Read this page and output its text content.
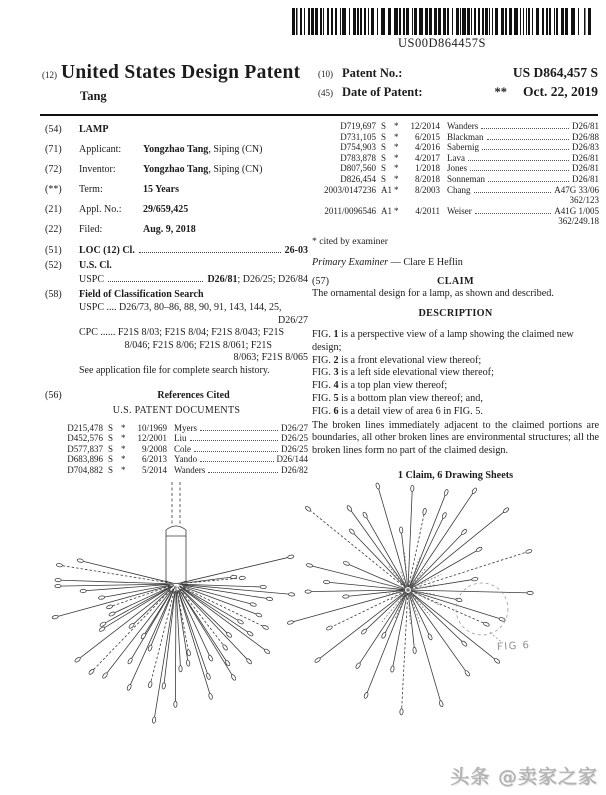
US00D864457S
(12) United States Design Patent
Tang
(10) Patent No.:	US D864,457 S
(45) Date of Patent:	**	Oct. 22, 2019
(54)	LAMP
(71)	Applicant:	Yongzhao Tang, Siping (CN)
(72)	Inventor:	Yongzhao Tang, Siping (CN)
(**)	Term:	15 Years
(21)	Appl. No.:	29/659,425
(22)	Filed:	Aug. 9, 2018
(51)	LOC (12) Cl.	26-03
(52)	U.S. Cl.
USPC	D26/81; D26/25; D26/84
(58)	Field of Classification Search
USPC .... D26/73, 80–86, 88, 90, 91, 143, 144, 25,
D26/27
CPC ...... F21S 8/03; F21S 8/04; F21S 8/043; F21S
8/046; F21S 8/06; F21S 8/061; F21S
8/063; F21S 8/065
See application file for complete search history.
(56)	References Cited
U.S. PATENT DOCUMENTS
D215,478 S *	10/1969 Myers	D26/27
D452,576 S *	12/2001 Liu	D26/25
D577,837 S *	9/2008 Cole	D26/25
D683,896 S *	6/2013 Yando	D26/144
D704,882 S *	5/2014 Wanders	D26/82
D719,697 S *	12/2014 Wanders	D26/81
D731,105 S *	6/2015 Blackman	D26/88
D754,903 S *	4/2016 Sabernig	D26/83
D783,878 S *	4/2017 Lava	D26/81
D807,560 S *	1/2018 Jones	D26/81
D826,454 S *	8/2018 Sonneman	D26/81
2003/0147236 A1 *	8/2003 Chang	A47G 33/06
362/123
2011/0096546 A1 *	4/2011 Weiser	A41G 1/005
362/249.18
* cited by examiner
Primary Examiner — Clare E Heflin
(57)	CLAIM
The ornamental design for a lamp, as shown and described.
DESCRIPTION

FIG. 1 is a perspective view of a lamp showing the claimed new design;

FIG. 2 is a front elevational view thereof;

FIG. 3 is a left side elevational view thereof;

FIG. 4 is a top plan view thereof;

FIG. 5 is a bottom plan view thereof; and,

FIG. 6 is a detail view of area 6 in FIG. 5.

The broken lines immediately adjacent to the claimed portions are boundaries, all other broken lines are environmental structures; all the broken lines form no part of the claimed design.
1 Claim, 6 Drawing Sheets
FIG 6
头条 @卖家之家
